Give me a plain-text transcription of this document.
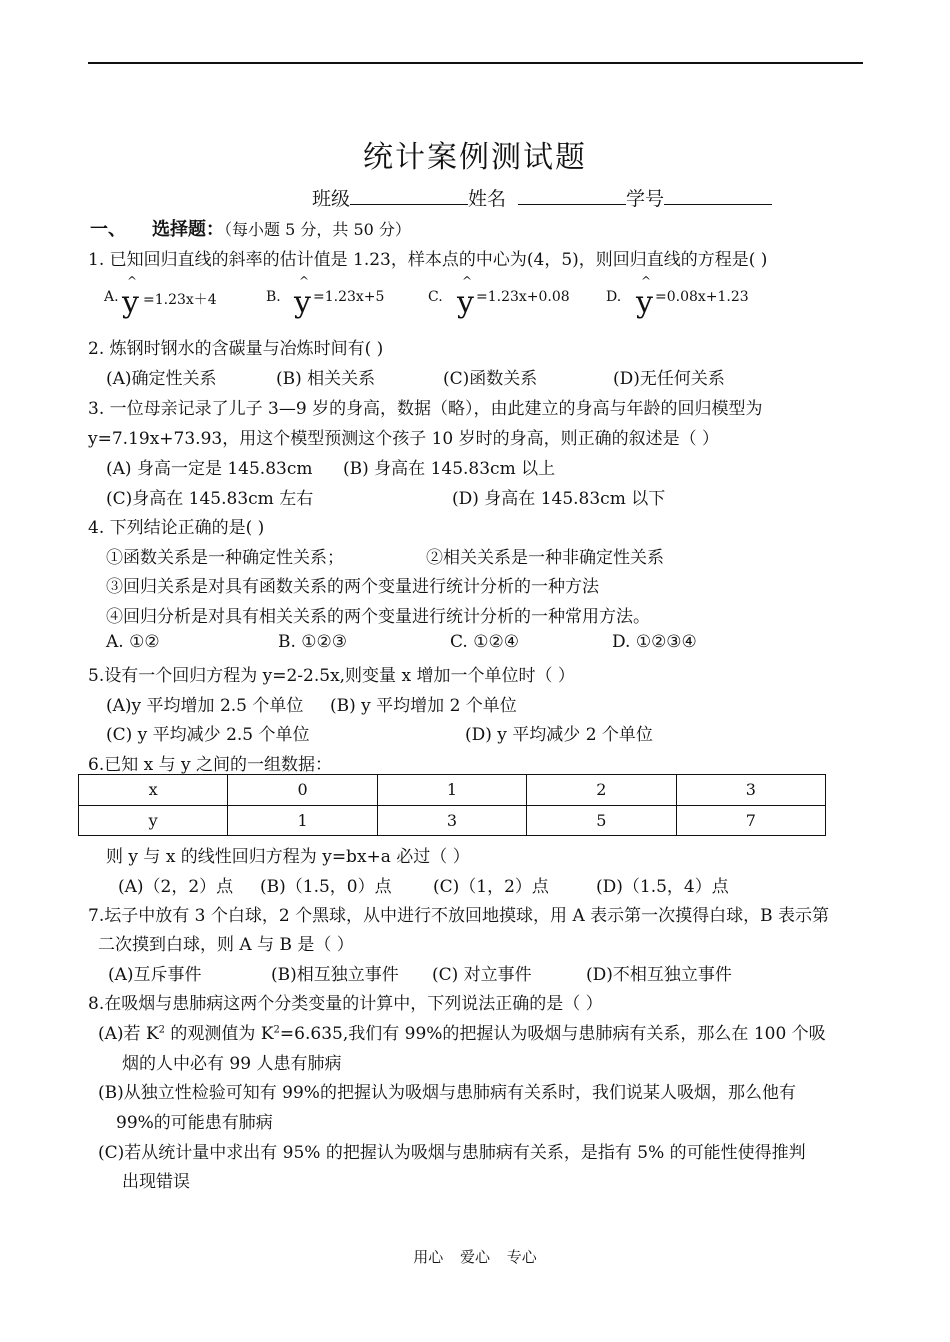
统计案例测试题
班级	姓名	学号
一、 选择题：（每小题 5 分，共 50 分）
1. 已知回归直线的斜率的估计值是 1.23，样本点的中心为(4，5)，则回归直线的方程是( )
A.
^
y =1.23x＋4	B.
^
y =1.23x+5	C.
^
y =1.23x+0.08	D.
^
y =0.08x+1.23
2. 炼钢时钢水的含碳量与冶炼时间有( )
(A)确定性关系	(B) 相关关系	(C)函数关系	(D)无任何关系
3. 一位母亲记录了儿子 3—9 岁的身高，数据（略），由此建立的身高与年龄的回归模型为
y=7.19x+73.93，用这个模型预测这个孩子 10 岁时的身高，则正确的叙述是（ ）
(A) 身高一定是 145.83cm (B) 身高在 145.83cm 以上
(C)身高在 145.83cm 左右	(D) 身高在 145.83cm 以下
4. 下列结论正确的是( )
①函数关系是一种确定性关系；	②相关关系是一种非确定性关系
③回归关系是对具有函数关系的两个变量进行统计分析的一种方法
④回归分析是对具有相关关系的两个变量进行统计分析的一种常用方法。
A. ①②	B. ①②③	C. ①②④	D. ①②③④
5.设有一个回归方程为 y=2-2.5x,则变量 x 增加一个单位时（ ）
(A)y 平均增加 2.5 个单位 (B) y 平均增加 2 个单位
(C) y 平均减少 2.5 个单位	(D) y 平均减少 2 个单位
6.已知 x 与 y 之间的一组数据：
x	0	1	2	3
y	1	3	5	7
则 y 与 x 的线性回归方程为 y=bx+a 必过（ ）
(A)（2，2）点 (B)（1.5，0）点 (C)（1，2）点	(D)（1.5，4）点
7.坛子中放有 3 个白球，2 个黑球，从中进行不放回地摸球，用 A 表示第一次摸得白球，B 表示第
二次摸到白球，则 A 与 B 是（ ）
(A)互斥事件	(B)相互独立事件 (C) 对立事件	(D)不相互独立事件
8.在吸烟与患肺病这两个分类变量的计算中，下列说法正确的是（ ）
(A)若 $K^2$ 的观测值为 $K^2=6.635$,我们有 99%的把握认为吸烟与患肺病有关系，那么在 100 个吸
烟的人中必有 99 人患有肺病
(B)从独立性检验可知有 99%的把握认为吸烟与患肺病有关系时，我们说某人吸烟，那么他有
99%的可能患有肺病
(C)若从统计量中求出有 95% 的把握认为吸烟与患肺病有关系，是指有 5% 的可能性使得推判
出现错误
用心 爱心 专心
